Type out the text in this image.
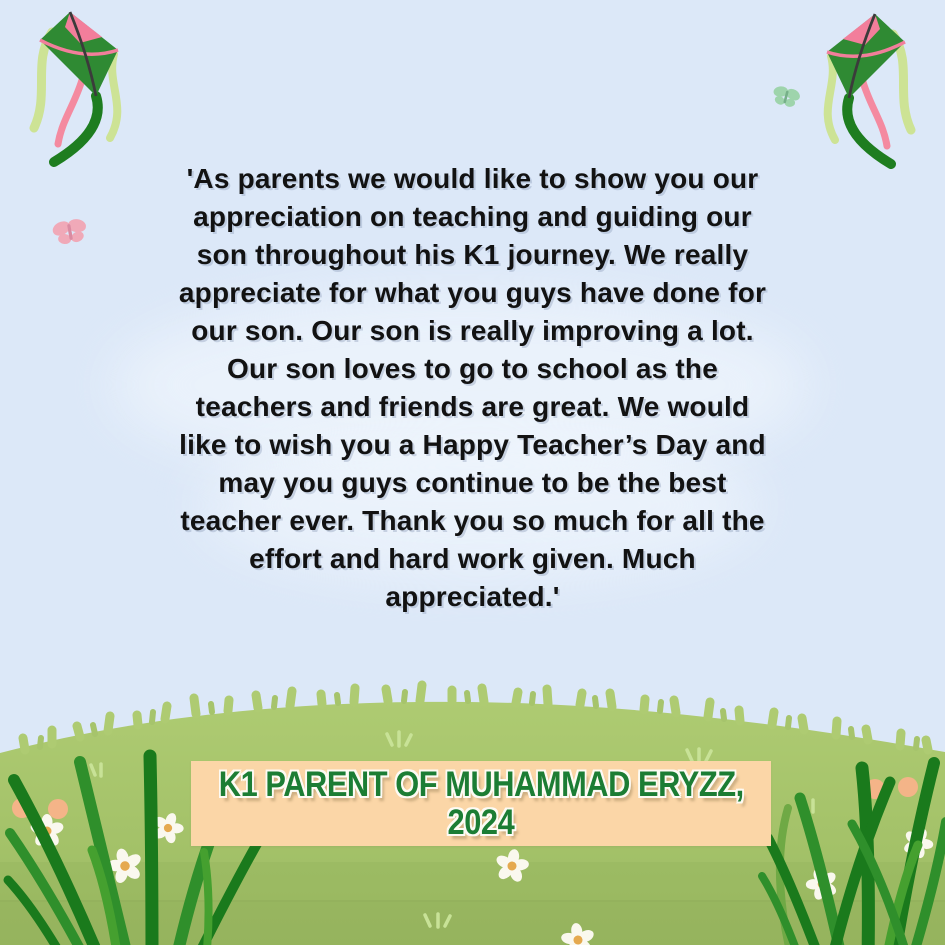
'As parents we would like to show you our
appreciation on teaching and guiding our
son throughout his K1 journey. We really
appreciate for what you guys have done for
our son. Our son is really improving a lot.
Our son loves to go to school as the
teachers and friends are great. We would
like to wish you a Happy Teacher’s Day and
may you guys continue to be the best
teacher ever. Thank you so much for all the
effort and hard work given. Much
appreciated.'
K1 PARENT OF MUHAMMAD ERYZZ,
2024
